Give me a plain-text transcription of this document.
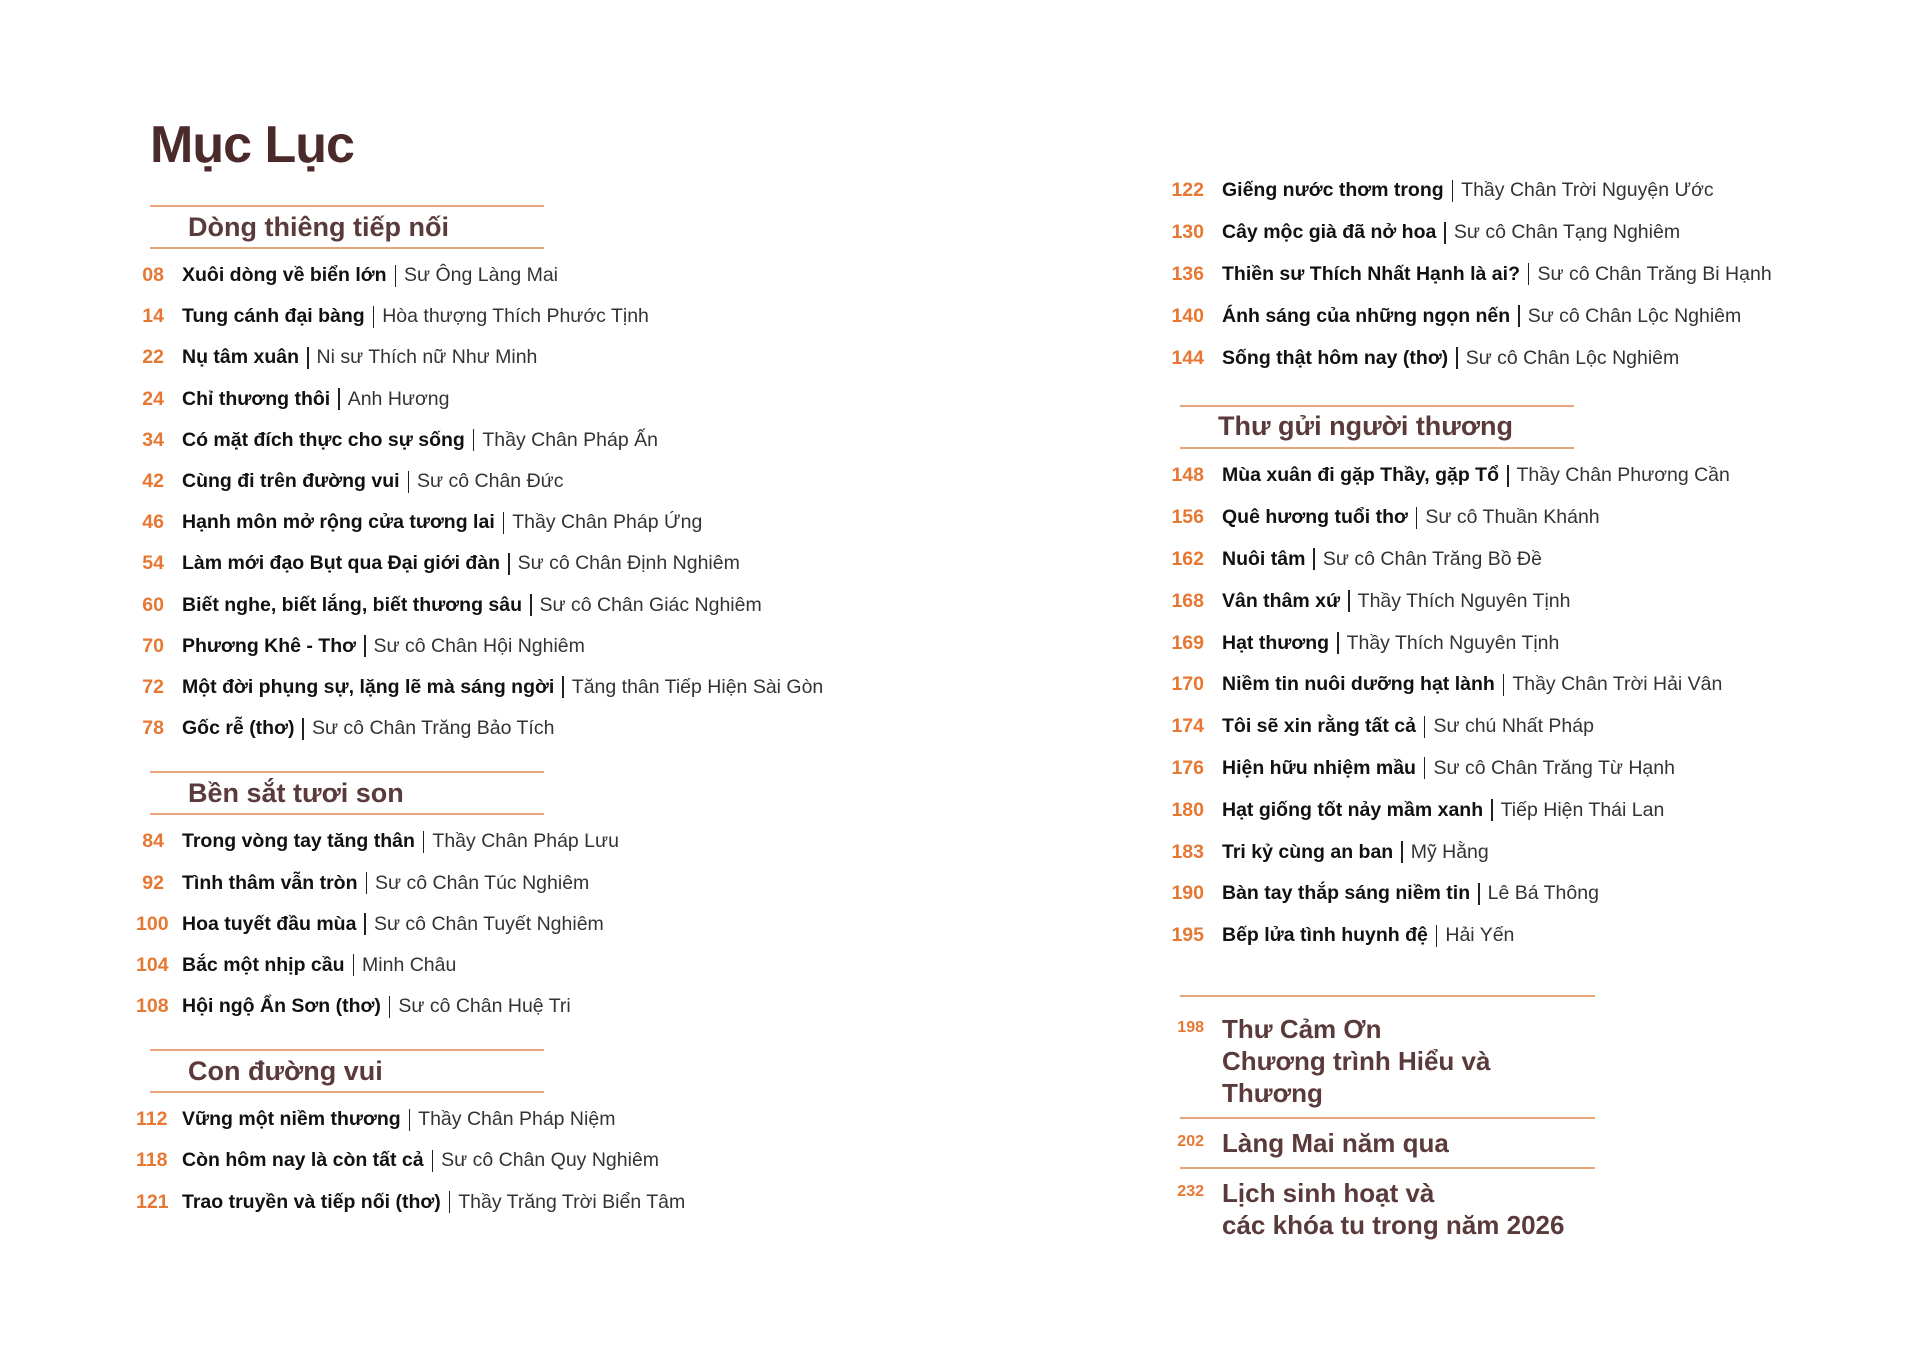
Mục Lục
Dòng thiêng tiếp nối
08 Xuôi dòng về biển lớn Sư Ông Làng Mai
14 Tung cánh đại bàng Hòa thượng Thích Phước Tịnh
22 Nụ tâm xuân Ni sư Thích nữ Như Minh
24 Chỉ thương thôi Anh Hương
34 Có mặt đích thực cho sự sống Thầy Chân Pháp Ấn
42 Cùng đi trên đường vui Sư cô Chân Đức
46 Hạnh môn mở rộng cửa tương lai Thầy Chân Pháp Ứng
54 Làm mới đạo Bụt qua Đại giới đàn Sư cô Chân Định Nghiêm
60 Biết nghe, biết lắng, biết thương sâu Sư cô Chân Giác Nghiêm
70 Phương Khê - Thơ Sư cô Chân Hội Nghiêm
72 Một đời phụng sự, lặng lẽ mà sáng ngời Tăng thân Tiếp Hiện Sài Gòn
78 Gốc rễ (thơ) Sư cô Chân Trăng Bảo Tích
Bền sắt tươi son
84 Trong vòng tay tăng thân Thầy Chân Pháp Lưu
92 Tình thâm vẫn tròn Sư cô Chân Túc Nghiêm
100 Hoa tuyết đầu mùa Sư cô Chân Tuyết Nghiêm
104 Bắc một nhịp cầu Minh Châu
108 Hội ngộ Ẩn Sơn (thơ) Sư cô Chân Huệ Tri
Con đường vui
112 Vững một niềm thương Thầy Chân Pháp Niệm
118 Còn hôm nay là còn tất cả Sư cô Chân Quy Nghiêm
121 Trao truyền và tiếp nối (thơ) Thầy Trăng Trời Biển Tâm
122 Giếng nước thơm trong Thầy Chân Trời Nguyện Ước
130 Cây mộc già đã nở hoa Sư cô Chân Tạng Nghiêm
136 Thiền sư Thích Nhất Hạnh là ai? Sư cô Chân Trăng Bi Hạnh
140 Ánh sáng của những ngọn nến Sư cô Chân Lộc Nghiêm
144 Sống thật hôm nay (thơ) Sư cô Chân Lộc Nghiêm
Thư gửi người thương
148 Mùa xuân đi gặp Thầy, gặp Tổ Thầy Chân Phương Cần
156 Quê hương tuổi thơ Sư cô Thuần Khánh
162 Nuôi tâm Sư cô Chân Trăng Bồ Đề
168 Vân thâm xứ Thầy Thích Nguyên Tịnh
169 Hạt thương Thầy Thích Nguyên Tịnh
170 Niềm tin nuôi dưỡng hạt lành Thầy Chân Trời Hải Vân
174 Tôi sẽ xin rằng tất cả Sư chú Nhất Pháp
176 Hiện hữu nhiệm mầu Sư cô Chân Trăng Từ Hạnh
180 Hạt giống tốt nảy mầm xanh Tiếp Hiện Thái Lan
183 Tri kỷ cùng an ban Mỹ Hằng
190 Bàn tay thắp sáng niềm tin Lê Bá Thông
195 Bếp lửa tình huynh đệ Hải Yến
198 Thư Cảm Ơn
Chương trình Hiểu và Thương
202 Làng Mai năm qua
232 Lịch sinh hoạt và
các khóa tu trong năm 2026
